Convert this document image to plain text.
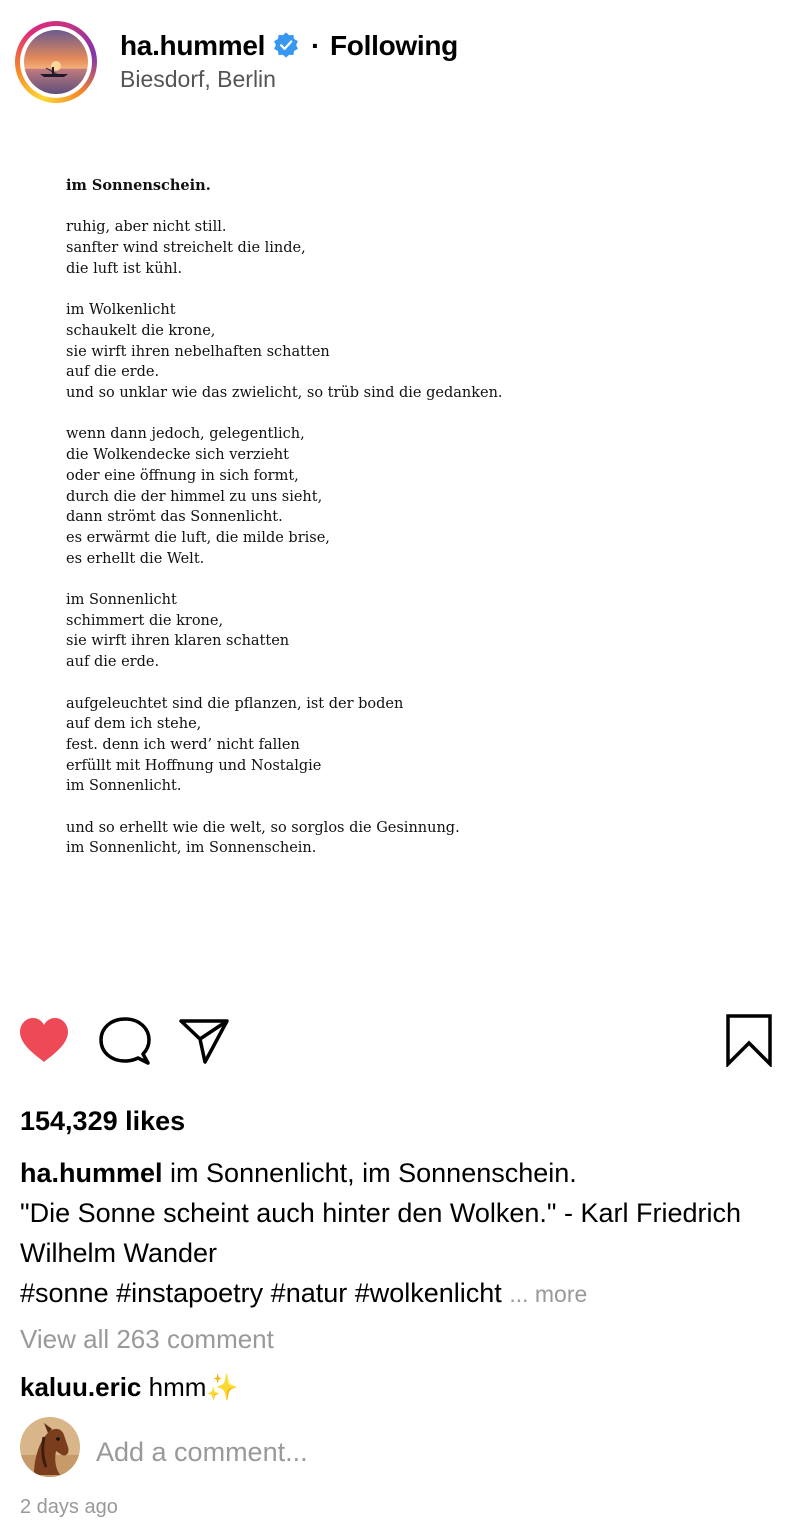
ha.hummel · Following
Biesdorf, Berlin
im Sonnenschein.
ruhig, aber nicht still.
sanfter wind streichelt die linde,
die luft ist kühl.
im Wolkenlicht
schaukelt die krone,
sie wirft ihren nebelhaften schatten
auf die erde.
und so unklar wie das zwielicht, so trüb sind die gedanken.
wenn dann jedoch, gelegentlich,
die Wolkendecke sich verzieht
oder eine öffnung in sich formt,
durch die der himmel zu uns sieht,
dann strömt das Sonnenlicht.
es erwärmt die luft, die milde brise,
es erhellt die Welt.
im Sonnenlicht
schimmert die krone,
sie wirft ihren klaren schatten
auf die erde.
aufgeleuchtet sind die pflanzen, ist der boden
auf dem ich stehe,
fest. denn ich werd’ nicht fallen
erfüllt mit Hoffnung und Nostalgie
im Sonnenlicht.
und so erhellt wie die welt, so sorglos die Gesinnung.
im Sonnenlicht, im Sonnenschein.
154,329 likes
ha.hummel im Sonnenlicht, im Sonnenschein.
"Die Sonne scheint auch hinter den Wolken." - Karl Friedrich Wilhelm Wander
#sonne #instapoetry #natur #wolkenlicht ... more
View all 263 comment
kaluu.eric hmm✨
Add a comment...
2 days ago
